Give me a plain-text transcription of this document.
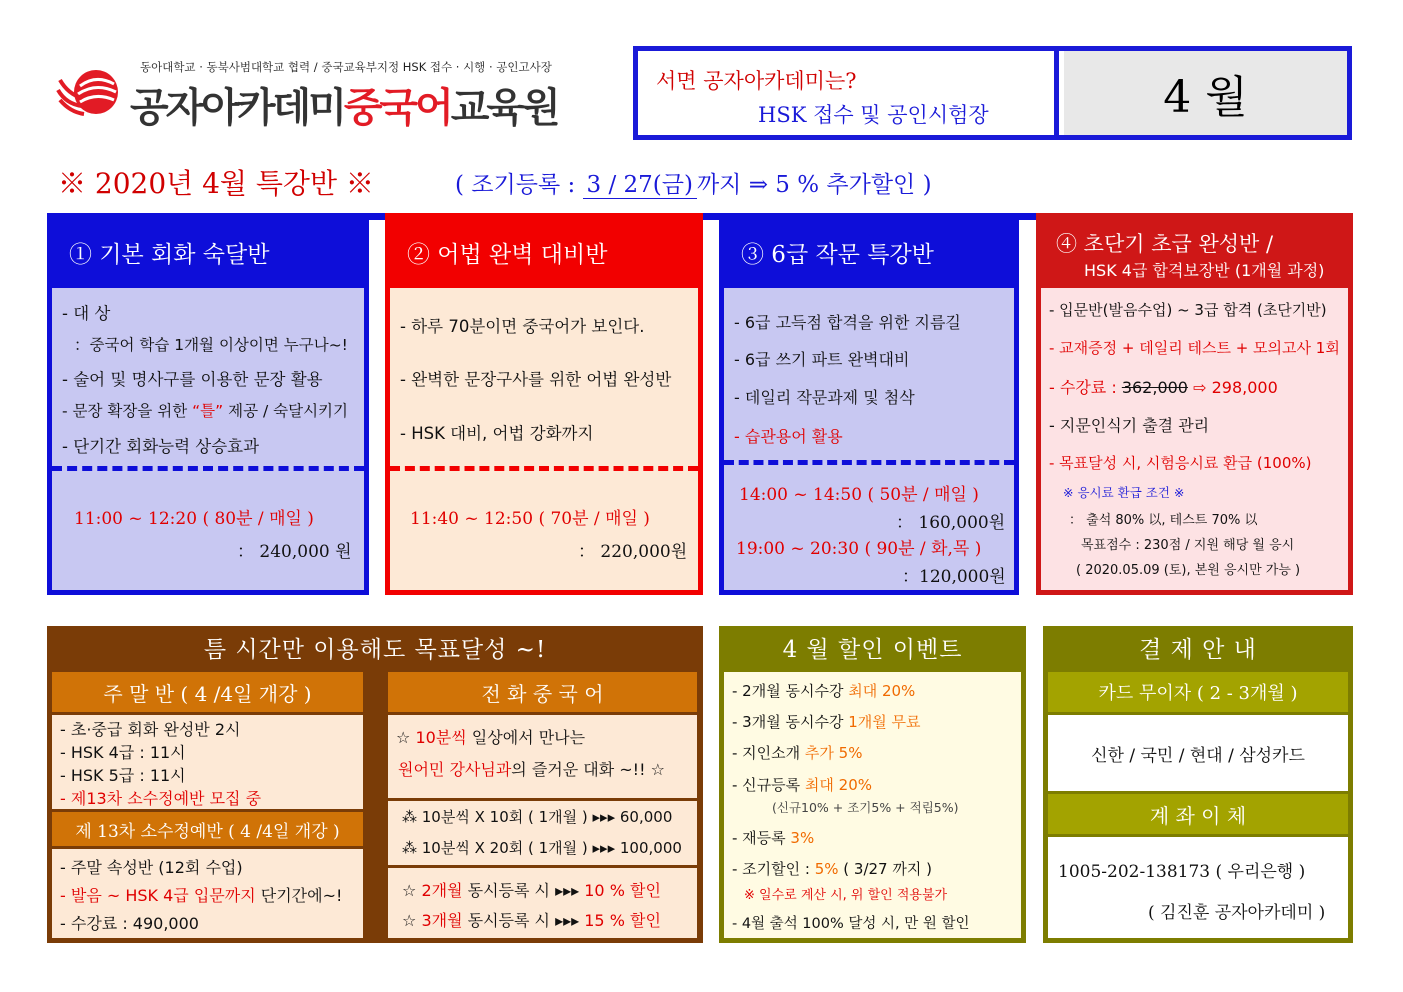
동아대학교 · 동북사범대학교 협력 / 중국교육부지정 HSK 접수 · 시행 · 공인고사장
공자아카데미중국어교육원
서면 공자아카데미는?
HSK 접수 및 공인시험장	4 월
※ 2020년 4월 특강반 ※	( 조기등록 : 3 / 27(금) 까지 ⇒ 5 % 추가할인 )
① 기본 회화 숙달반
- 대 상
：중국어 학습 1개월 이상이면 누구나~!
- 술어 및 명사구를 이용한 문장 활용
- 문장 확장을 위한 “틀” 제공 / 숙달시키기
- 단기간 회화능력 상승효과
11:00 ~ 12:20 ( 80분 / 매일 )
： 240,000 원
② 어법 완벽 대비반
- 하루 70분이면 중국어가 보인다.
- 완벽한 문장구사를 위한 어법 완성반
- HSK 대비, 어법 강화까지
11:40 ~ 12:50 ( 70분 / 매일 )
： 220,000원
③ 6급 작문 특강반
- 6급 고득점 합격을 위한 지름길
- 6급 쓰기 파트 완벽대비
- 데일리 작문과제 및 첨삭
- 습관용어 활용
14:00 ~ 14:50 ( 50분 / 매일 )
： 160,000원
19:00 ~ 20:30 ( 90분 / 화,목 )
：120,000원
④ 초단기 초급 완성반 /
HSK 4급 합격보장반 (1개월 과정)
- 입문반(발음수업) ~ 3급 합격 (초단기반)
- 교재증정 + 데일리 테스트 + 모의고사 1회
- 수강료 : 362,000 ⇨ 298,000
- 지문인식기 출결 관리
- 목표달성 시, 시험응시료 환급 (100%)
※ 응시료 환급 조건 ※
： 출석 80% 以, 테스트 70% 以
목표점수 : 230점 / 지원 해당 월 응시
( 2020.05.09 (토), 본원 응시만 가능 )
틈 시간만 이용해도 목표달성 ~!
주 말 반 ( 4 /4일 개강 )
- 초·중급 회화 완성반 2시
- HSK 4급 : 11시
- HSK 5급 : 11시
- 제13차 소수정예반 모집 중
제 13차 소수정예반 ( 4 /4일 개강 )
- 주말 속성반 (12회 수업)
- 발음 ~ HSK 4급 입문까지 단기간에~!
- 수강료 : 490,000
전 화 중 국 어
☆ 10분씩 일상에서 만나는
원어민 강사님과의 즐거운 대화 ~!! ☆
⁂ 10분씩 X 10회 ( 1개월 ) ▸▸▸ 60,000
⁂ 10분씩 X 20회 ( 1개월 ) ▸▸▸ 100,000
☆ 2개월 동시등록 시 ▸▸▸ 10 % 할인
☆ 3개월 동시등록 시 ▸▸▸ 15 % 할인
4 월 할인 이벤트
- 2개월 동시수강 최대 20%
- 3개월 동시수강 1개월 무료
- 지인소개 추가 5%
- 신규등록 최대 20%
(신규10% + 조기5% + 적립5%)
- 재등록 3%
- 조기할인 : 5% ( 3/27 까지 )
※ 일수로 계산 시, 위 할인 적용불가
- 4월 출석 100% 달성 시, 만 원 할인
결 제 안 내
카드 무이자 ( 2 - 3개월 )
신한 / 국민 / 현대 / 삼성카드
계 좌 이 체
1005-202-138173 ( 우리은행 )
( 김진훈 공자아카데미 )
